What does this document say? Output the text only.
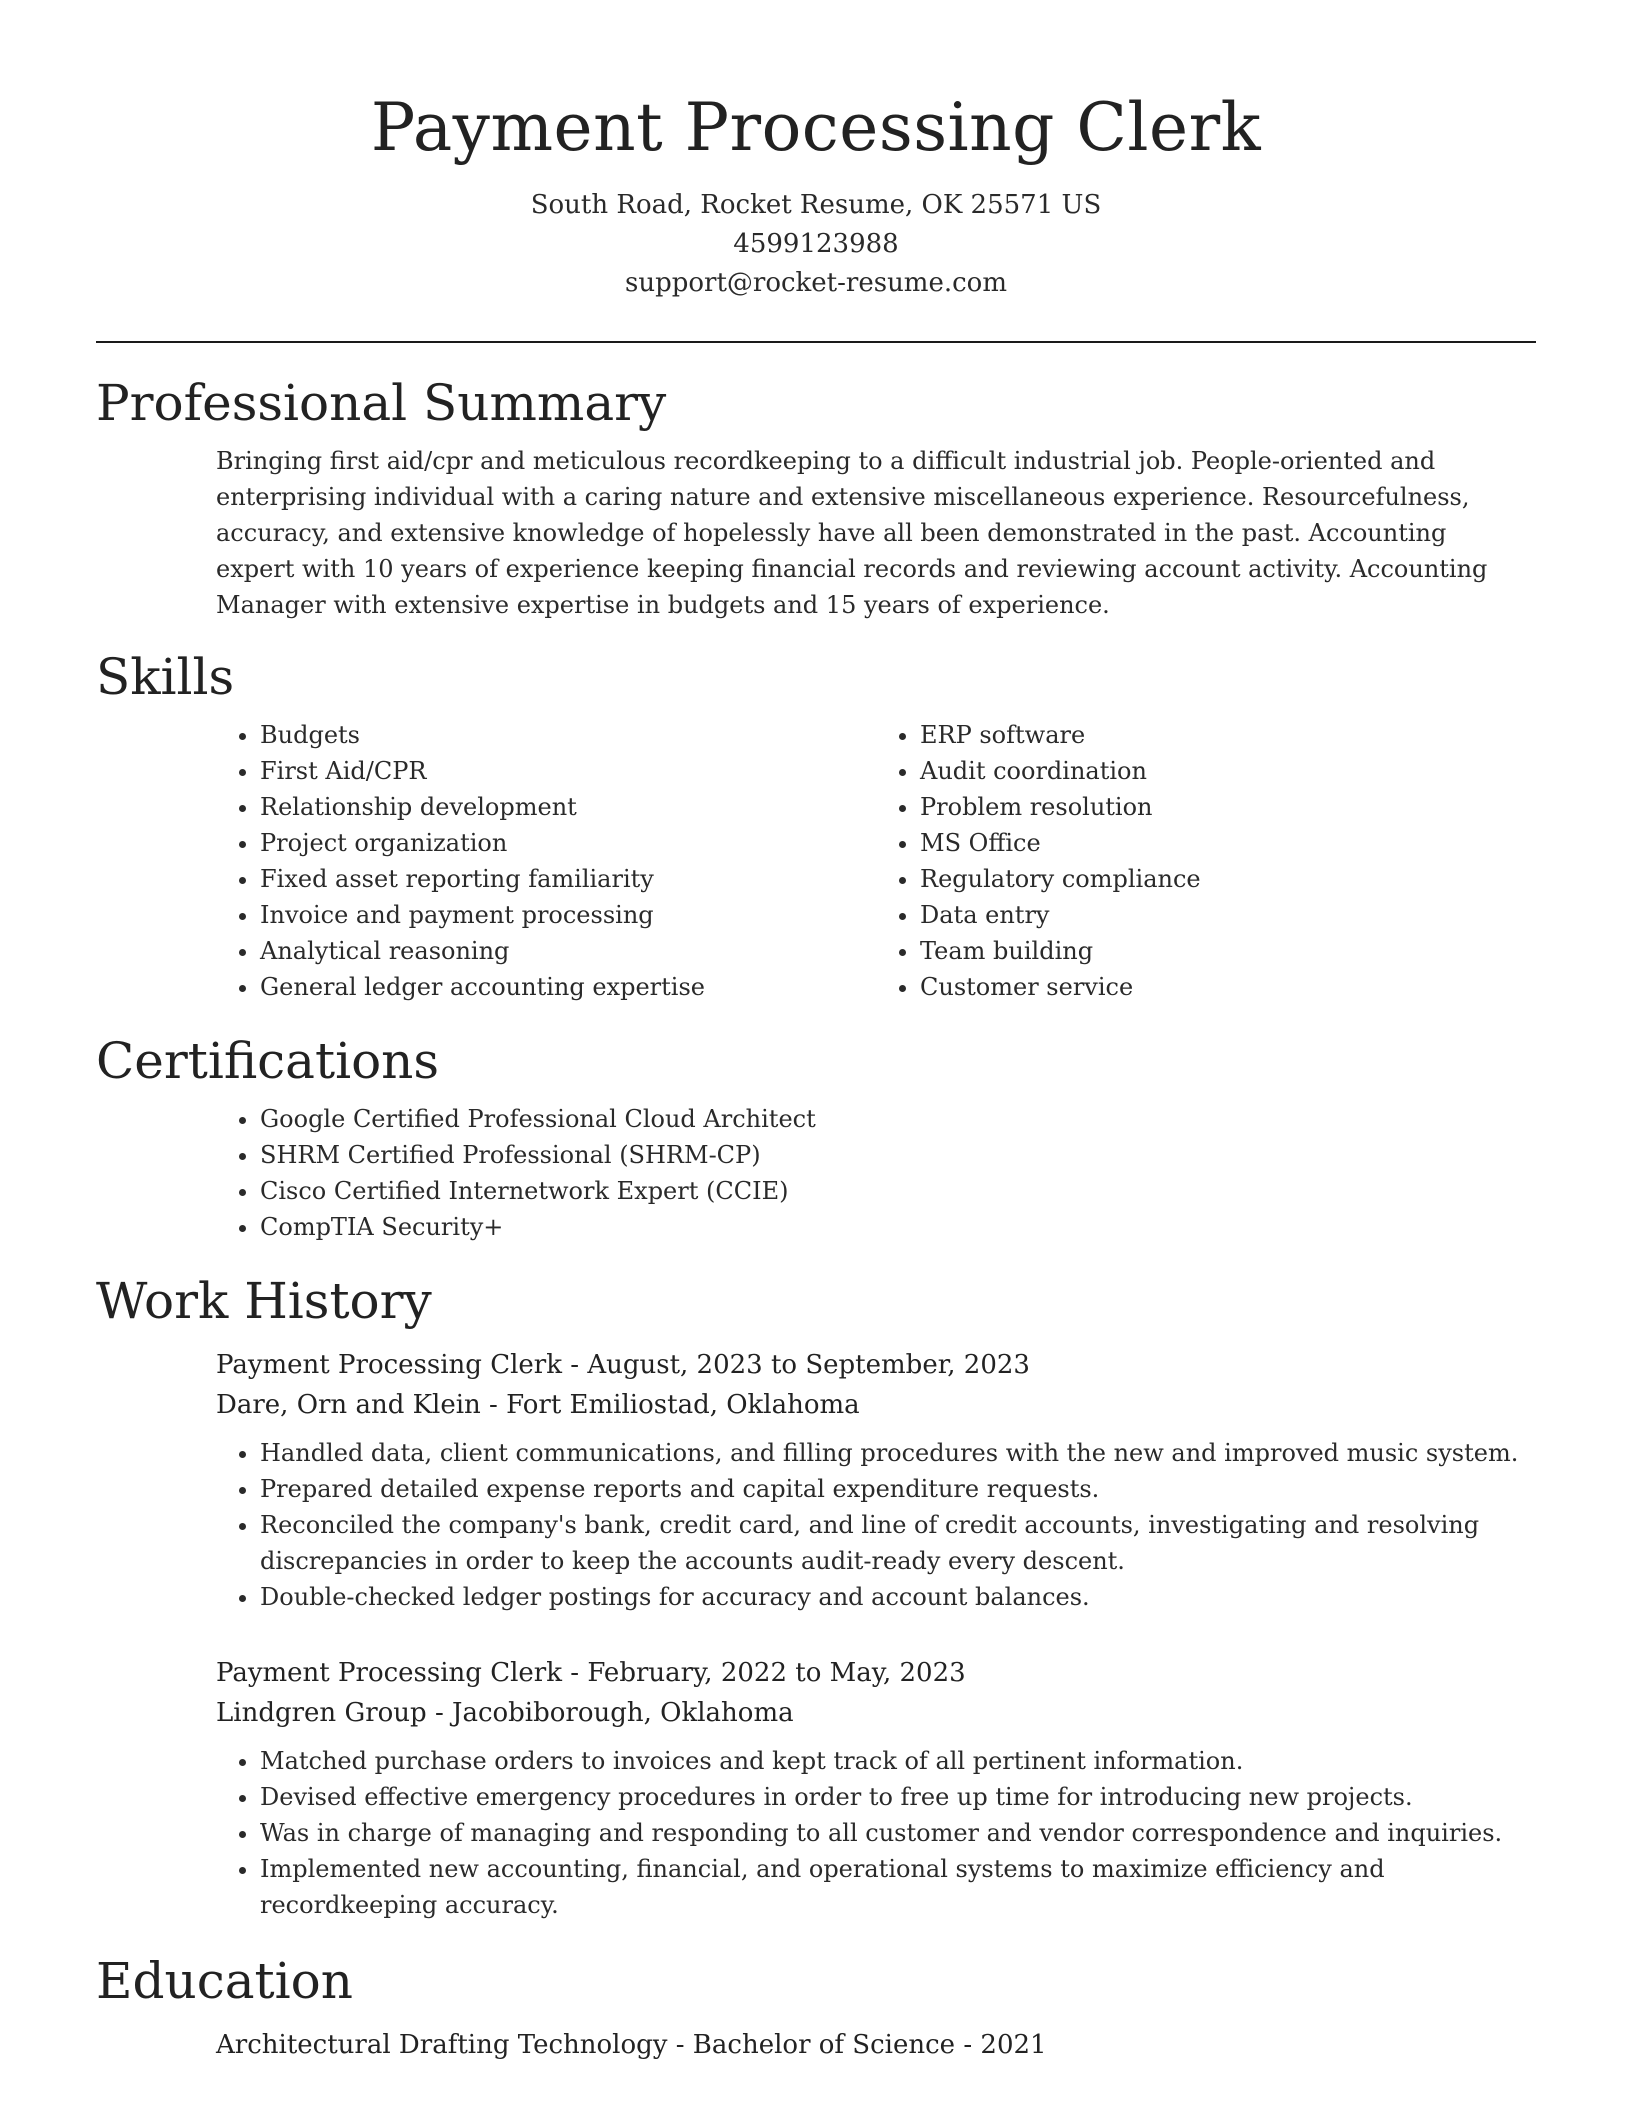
Payment Processing Clerk
South Road, Rocket Resume, OK 25571 US
4599123988
support@rocket-resume.com
Professional Summary

Bringing first aid/cpr and meticulous recordkeeping to a difficult industrial job. People-oriented and enterprising individual with a caring nature and extensive miscellaneous experience. Resourcefulness, accuracy, and extensive knowledge of hopelessly have all been demonstrated in the past. Accounting expert with 10 years of experience keeping financial records and reviewing account activity. Accounting Manager with extensive expertise in budgets and 15 years of experience.

Skills
• Budgets
• First Aid/CPR
• Relationship development
• Project organization
• Fixed asset reporting familiarity
• Invoice and payment processing
• Analytical reasoning
• General ledger accounting expertise
• ERP software
• Audit coordination
• Problem resolution
• MS Office
• Regulatory compliance
• Data entry
• Team building
• Customer service
Certifications
• Google Certified Professional Cloud Architect
• SHRM Certified Professional (SHRM-CP)
• Cisco Certified Internetwork Expert (CCIE)
• CompTIA Security+
Work History
Payment Processing Clerk - August, 2023 to September, 2023
Dare, Orn and Klein - Fort Emiliostad, Oklahoma
• Handled data, client communications, and filling procedures with the new and improved music system.
• Prepared detailed expense reports and capital expenditure requests.
• Reconciled the company's bank, credit card, and line of credit accounts, investigating and resolving discrepancies in order to keep the accounts audit-ready every descent.
• Double-checked ledger postings for accuracy and account balances.
Payment Processing Clerk - February, 2022 to May, 2023
Lindgren Group - Jacobiborough, Oklahoma
• Matched purchase orders to invoices and kept track of all pertinent information.
• Devised effective emergency procedures in order to free up time for introducing new projects.
• Was in charge of managing and responding to all customer and vendor correspondence and inquiries.
• Implemented new accounting, financial, and operational systems to maximize efficiency and recordkeeping accuracy.
Education
Architectural Drafting Technology - Bachelor of Science - 2021
